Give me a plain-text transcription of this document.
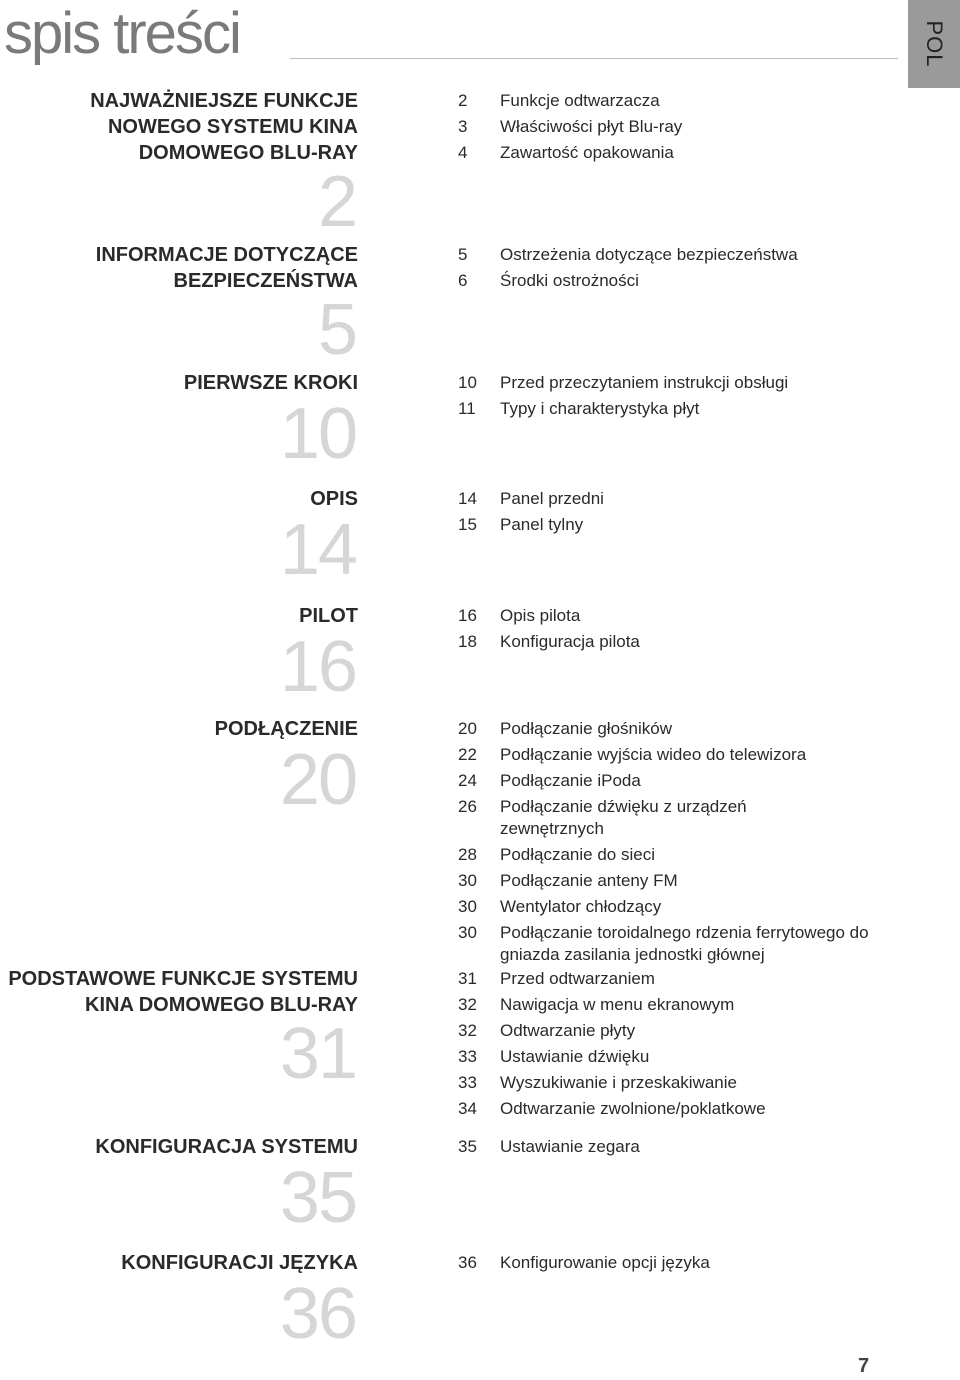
spis treści	POL
NAJWAŻNIEJSZE FUNKCJE
NOWEGO SYSTEMU KINA
DOMOWEGO BLU-RAY
2
2	Funkcje odtwarzacza
3	Właściwości płyt Blu-ray
4	Zawartość opakowania
INFORMACJE DOTYCZĄCE
BEZPIECZEŃSTWA
5
5	Ostrzeżenia dotyczące bezpieczeństwa
6	Środki ostrożności
PIERWSZE KROKI
10
10	Przed przeczytaniem instrukcji obsługi
11	Typy i charakterystyka płyt
OPIS
14
14	Panel przedni
15	Panel tylny
PILOT
16
16	Opis pilota
18	Konfiguracja pilota
PODŁĄCZENIE
20
20	Podłączanie głośników
22	Podłączanie wyjścia wideo do telewizora
24	Podłączanie iPoda
26	Podłączanie dźwięku z urządzeń zewnętrznych
28	Podłączanie do sieci
30	Podłączanie anteny FM
30	Wentylator chłodzący
30	Podłączanie toroidalnego rdzenia ferrytowego do gniazda zasilania jednostki głównej
PODSTAWOWE FUNKCJE SYSTEMU
KINA DOMOWEGO BLU-RAY
31
31	Przed odtwarzaniem
32	Nawigacja w menu ekranowym
32	Odtwarzanie płyty
33	Ustawianie dźwięku
33	Wyszukiwanie i przeskakiwanie
34	Odtwarzanie zwolnione/poklatkowe
KONFIGURACJA SYSTEMU
35
35	Ustawianie zegara
KONFIGURACJI JĘZYKA
36
36	Konfigurowanie opcji języka
7
